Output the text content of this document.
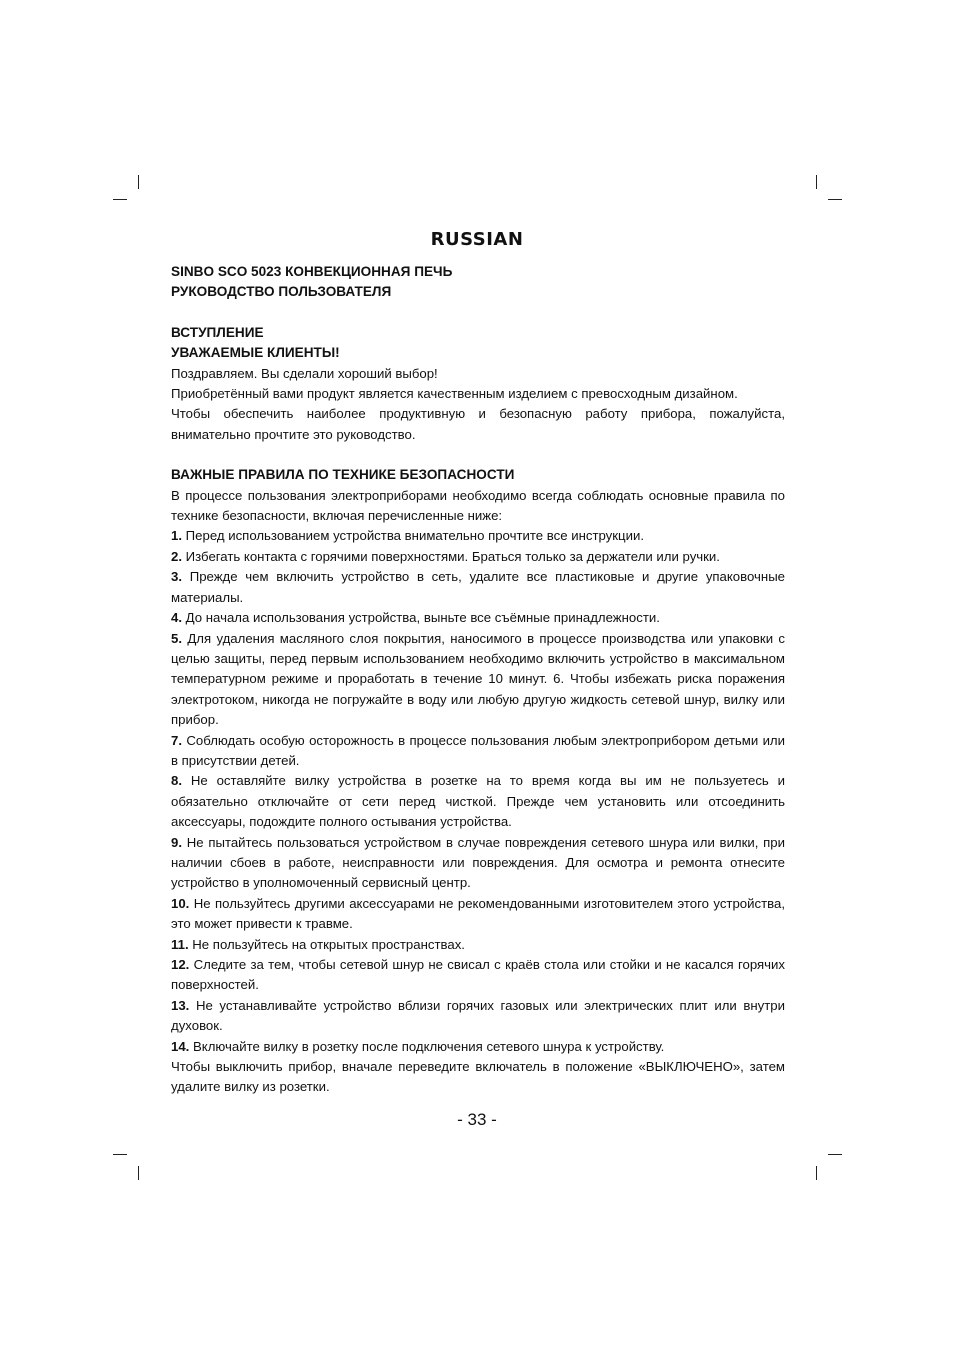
RUSSIAN

SINBO SCO 5023 КОНВЕКЦИОННАЯ ПЕЧЬ

РУКОВОДСТВО ПОЛЬЗОВАТЕЛЯ

ВСТУПЛЕНИЕ

УВАЖАЕМЫЕ КЛИЕНТЫ!

Поздравляем. Вы сделали хороший выбор!

Приобретённый вами продукт является качественным изделием с превосходным дизайном.

Чтобы обеспечить наиболее продуктивную и безопасную работу прибора, пожалуйста, внимательно прочтите это руководство.

ВАЖНЫЕ ПРАВИЛА ПО ТЕХНИКЕ БЕЗОПАСНОСТИ

В процессе пользования электроприборами необходимо всегда соблюдать основные правила по технике безопасности, включая перечисленные ниже:

1. Перед использованием устройства внимательно прочтите все инструкции.

2. Избегать контакта с горячими поверхностями. Браться только за держатели или ручки.

3. Прежде чем включить устройство в сеть, удалите все пластиковые и другие упаковочные материалы.

4. До начала использования устройства, выньте все съёмные принадлежности.

5. Для удаления масляного слоя покрытия, наносимого в процессе производства или упаковки с целью защиты, перед первым использованием необходимо включить устройство в максимальном температурном режиме и проработать в течение 10 минут. 6. Чтобы избежать риска поражения электротоком, никогда не погружайте в воду или любую другую жидкость сетевой шнур, вилку или прибор.

7. Соблюдать особую осторожность в процессе пользования любым электроприбором детьми или в присутствии детей.

8. Не оставляйте вилку устройства в розетке на то время когда вы им не пользуетесь и обязательно отключайте от сети перед чисткой. Прежде чем установить или отсоединить аксессуары, подождите полного остывания устройства.

9. Не пытайтесь пользоваться устройством в случае повреждения сетевого шнура или вилки, при наличии сбоев в работе, неисправности или повреждения. Для осмотра и ремонта отнесите устройство в уполномоченный сервисный центр.

10. Не пользуйтесь другими аксессуарами не рекомендованными изготовителем этого устройства, это может привести к травме.

11. Не пользуйтесь на открытых пространствах.

12. Следите за тем, чтобы сетевой шнур не свисал с краёв стола или стойки и не касался горячих поверхностей.

13. Не устанавливайте устройство вблизи горячих газовых или электрических плит или внутри духовок.

14. Включайте вилку в розетку после подключения сетевого шнура к устройству.

Чтобы выключить прибор, вначале переведите включатель в положение «ВЫКЛЮЧЕНО», затем удалите вилку из розетки.

- 33 -
